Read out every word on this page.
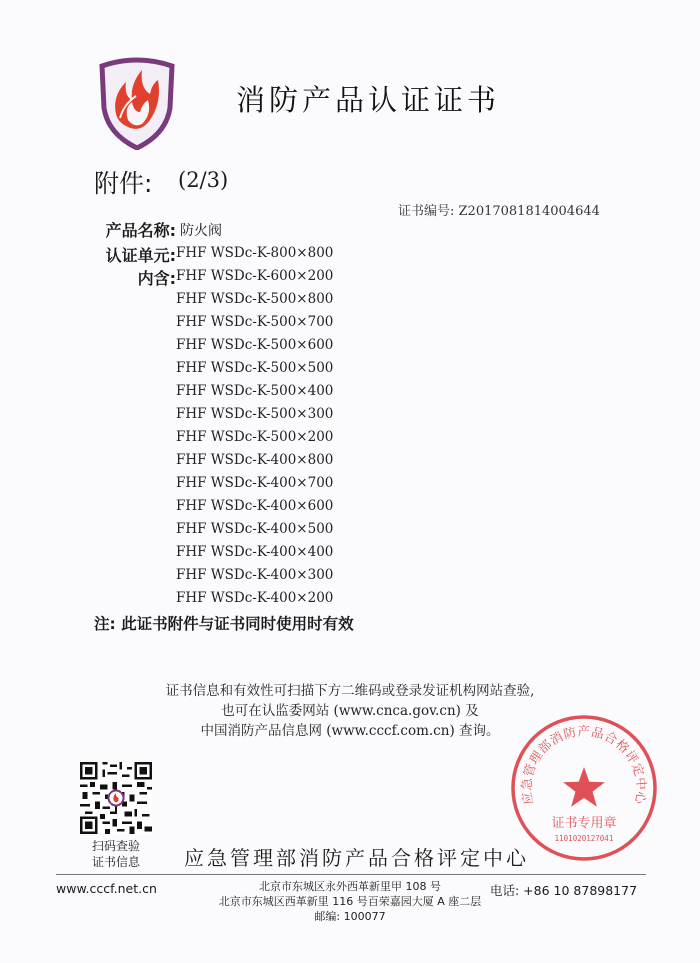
消防产品认证证书
附件: (2/3)
证书编号: Z2017081814004644
产品名称: 防火阀
认证单元: FHF WSDc-K-800×800
内含: FHF WSDc-K-600×200
FHF WSDc-K-500×800
FHF WSDc-K-500×700
FHF WSDc-K-500×600
FHF WSDc-K-500×500
FHF WSDc-K-500×400
FHF WSDc-K-500×300
FHF WSDc-K-500×200
FHF WSDc-K-400×800
FHF WSDc-K-400×700
FHF WSDc-K-400×600
FHF WSDc-K-400×500
FHF WSDc-K-400×400
FHF WSDc-K-400×300
FHF WSDc-K-400×200
注: 此证书附件与证书同时使用时有效
证书信息和有效性可扫描下方二维码或登录发证机构网站查验,
也可在认监委网站 (www.cnca.gov.cn) 及
中国消防产品信息网 (www.cccf.com.cn) 查询。
扫码查验
证书信息	应急管理部消防产品合格评定中心
应急管理部消防产品合格评定中心
证书专用章
1101020127041
www.cccf.net.cn	电话: +86 10 87898177
北京市东城区永外西革新里甲 108 号
北京市东城区西革新里 116 号百荣嘉园大厦 A 座二层
邮编: 100077
